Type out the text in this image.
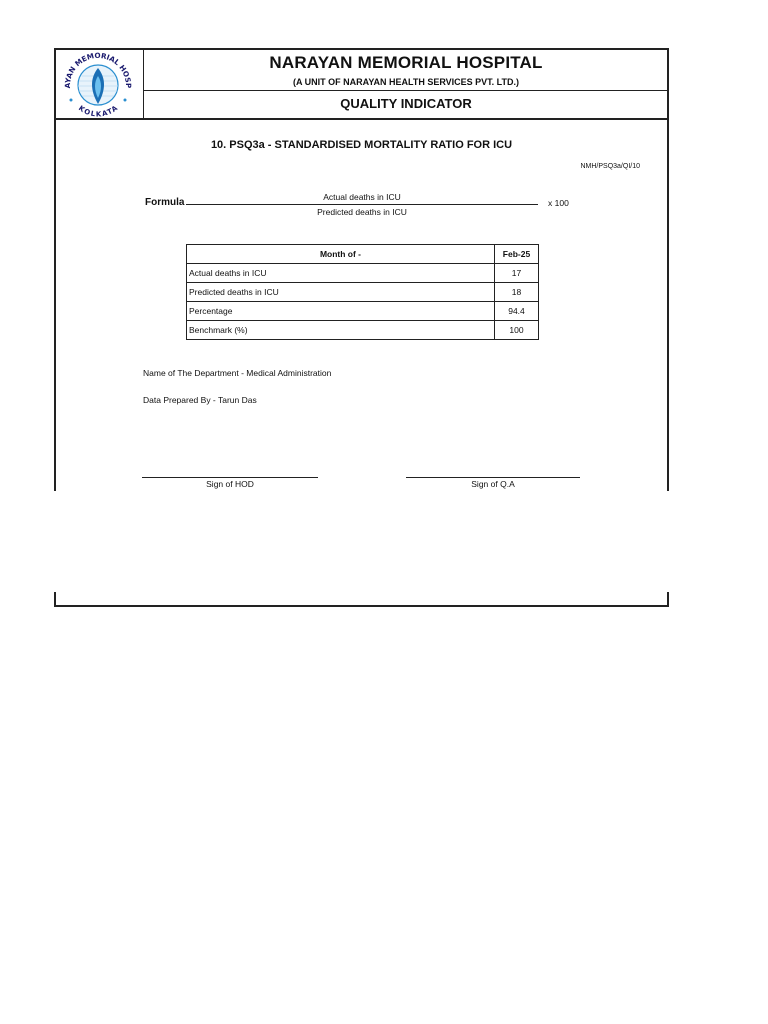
AYAN MEMORIAL HOSP
KOLKATA
NARAYAN MEMORIAL HOSPITAL
(A UNIT OF NARAYAN HEALTH SERVICES PVT. LTD.)
QUALITY INDICATOR
10. PSQ3a - STANDARDISED MORTALITY RATIO FOR ICU
NMH/PSQ3a/QI/10
Formula	Actual deaths in ICU
Predicted deaths in ICU
x 100
Month of -	Feb-25
Actual deaths in ICU	17
Predicted deaths in ICU	18
Percentage	94.4
Benchmark (%)	100
Name of The Department - Medical Administration
Data Prepared By - Tarun Das
Sign of HOD	Sign of Q.A
